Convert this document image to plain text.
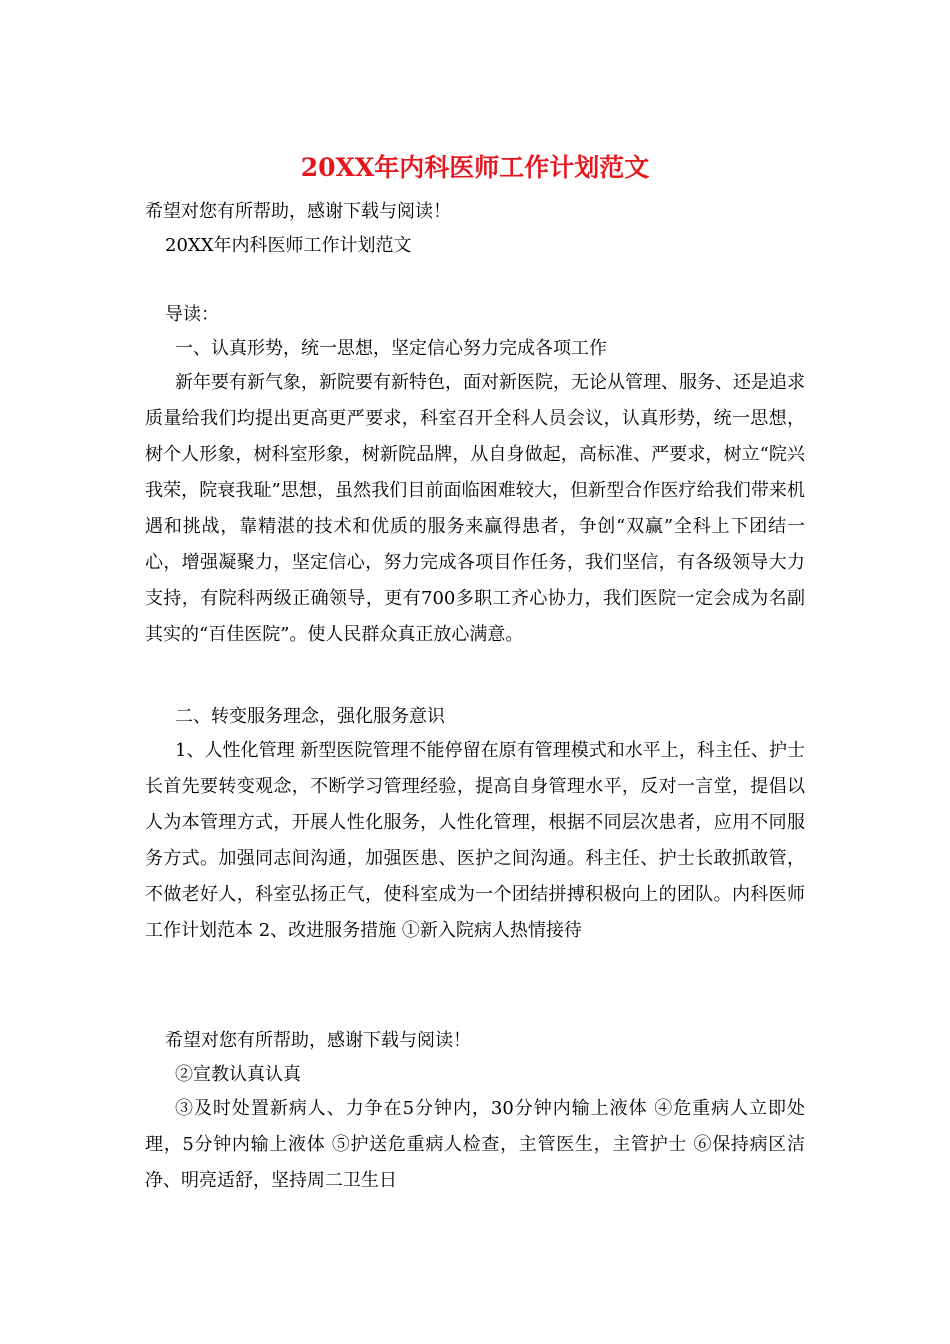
20XX年内科医师工作计划范文
希望对您有所帮助，感谢下载与阅读！
20XX年内科医师工作计划范文
导读：
一、认真形势，统一思想，坚定信心努力完成各项工作
新年要有新气象，新院要有新特色，面对新医院，无论从管理、服务、还是追求质量给我们均提出更高更严要求，科室召开全科人员会议，认真形势，统一思想，树个人形象，树科室形象，树新院品牌，从自身做起，高标准、严要求，树立“院兴我荣，院衰我耻”思想，虽然我们目前面临困难较大，但新型合作医疗给我们带来机遇和挑战，靠精湛的技术和优质的服务来赢得患者，争创“双赢”全科上下团结一心，增强凝聚力，坚定信心，努力完成各项目作任务，我们坚信，有各级领导大力支持，有院科两级正确领导，更有700多职工齐心协力，我们医院一定会成为名副其实的“百佳医院”。使人民群众真正放心满意。
二、转变服务理念，强化服务意识
1、人性化管理 新型医院管理不能停留在原有管理模式和水平上，科主任、护士长首先要转变观念，不断学习管理经验，提高自身管理水平，反对一言堂，提倡以人为本管理方式，开展人性化服务，人性化管理，根据不同层次患者，应用不同服务方式。加强同志间沟通，加强医患、医护之间沟通。科主任、护士长敢抓敢管，不做老好人，科室弘扬正气，使科室成为一个团结拼搏积极向上的团队。内科医师工作计划范本 2、改进服务措施 ①新入院病人热情接待
希望对您有所帮助，感谢下载与阅读！
②宣教认真认真
③及时处置新病人、力争在5分钟内，30分钟内输上液体 ④危重病人立即处理，5分钟内输上液体 ⑤护送危重病人检查，主管医生，主管护士 ⑥保持病区洁净、明亮适舒，坚持周二卫生日
